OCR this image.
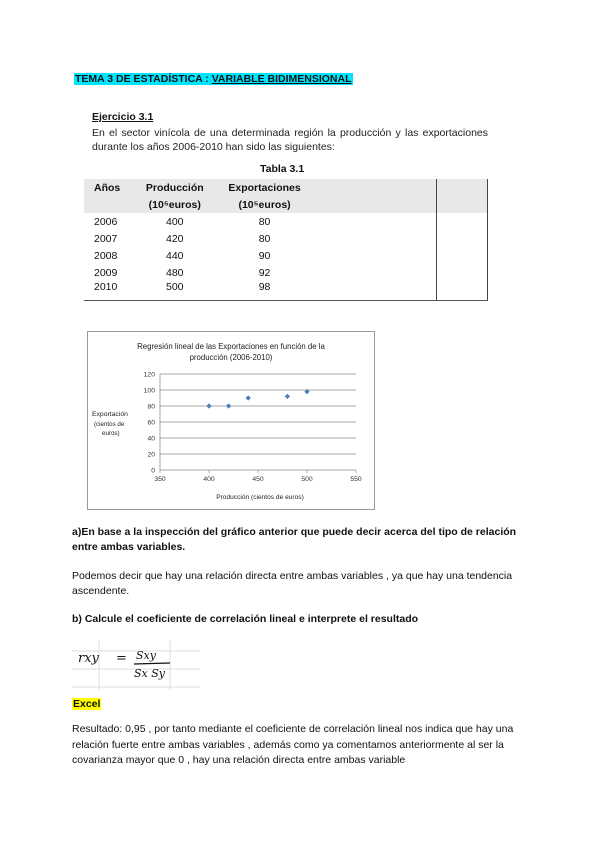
TEMA 3 DE ESTADÍSTICA : VARIABLE BIDIMENSIONAL
Ejercicio 3.1
En el sector vinícola de una determinada región la producción y las exportaciones durante los años 2006-2010 han sido las siguientes:
Tabla 3.1
Años	Producción	Exportaciones		
	(10⁵euros)	(10⁵euros)		
2006	400	80		
2007	420	80		
2008	440	90		
2009	480	92		
2010	500	98		
Regresión lineal de las Exportaciones en función de la
producción (2006-2010)
0
20
40
60
80
100
120
350	400	450	500	550
Exportación
(cientos de
euros)
Producción (cientos de euros)
a)En base a la inspección del gráfico anterior que puede decir acerca del tipo de relación entre ambas variables.
Podemos decir que hay una relación directa entre ambas variables , ya que hay una tendencia ascendente.
b) Calcule el coeficiente de correlación lineal e interprete el resultado
rxy = Sxy
Sx Sy
Excel
Resultado: 0,95 , por tanto mediante el coeficiente de correlación lineal nos indica que hay una relación fuerte entre ambas variables , además como ya comentamos anteriormente al ser la covarianza mayor que 0 , hay una relación directa entre ambas variable
